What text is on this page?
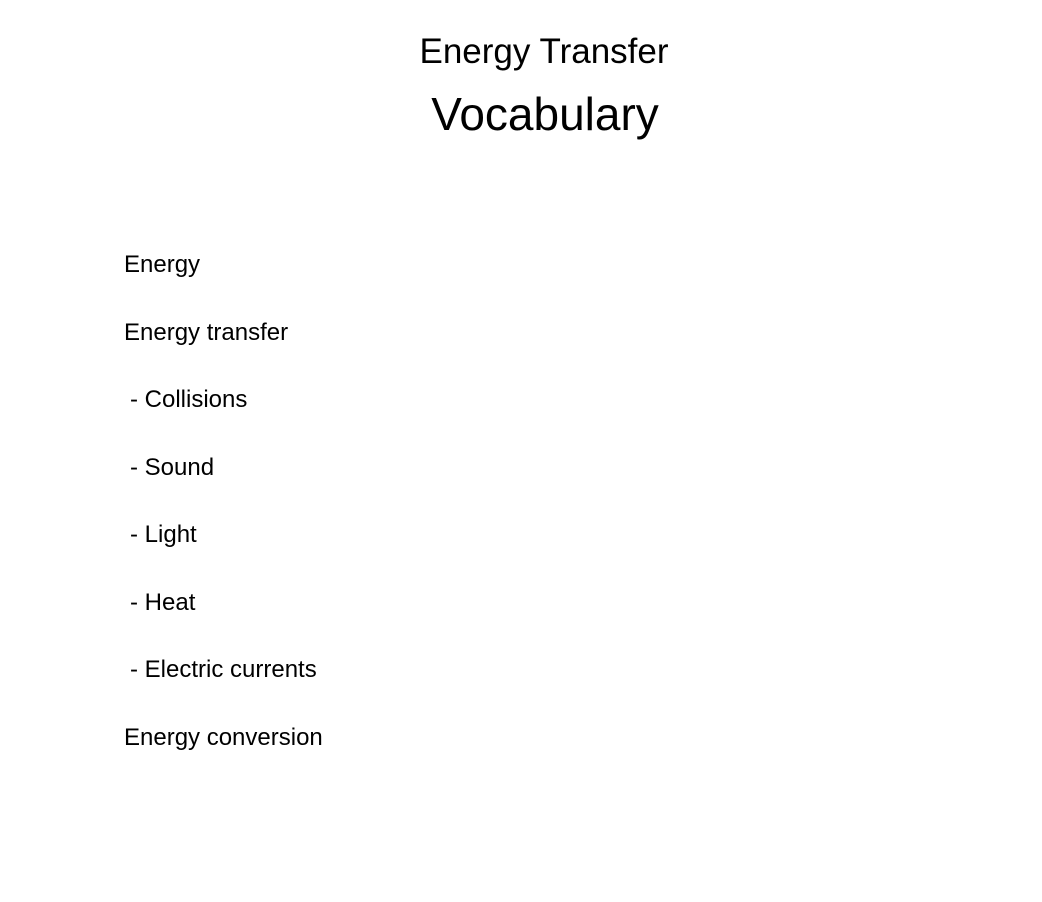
Energy Transfer
Vocabulary
Energy
Energy transfer
- Collisions
- Sound
- Light
- Heat
- Electric currents
Energy conversion
